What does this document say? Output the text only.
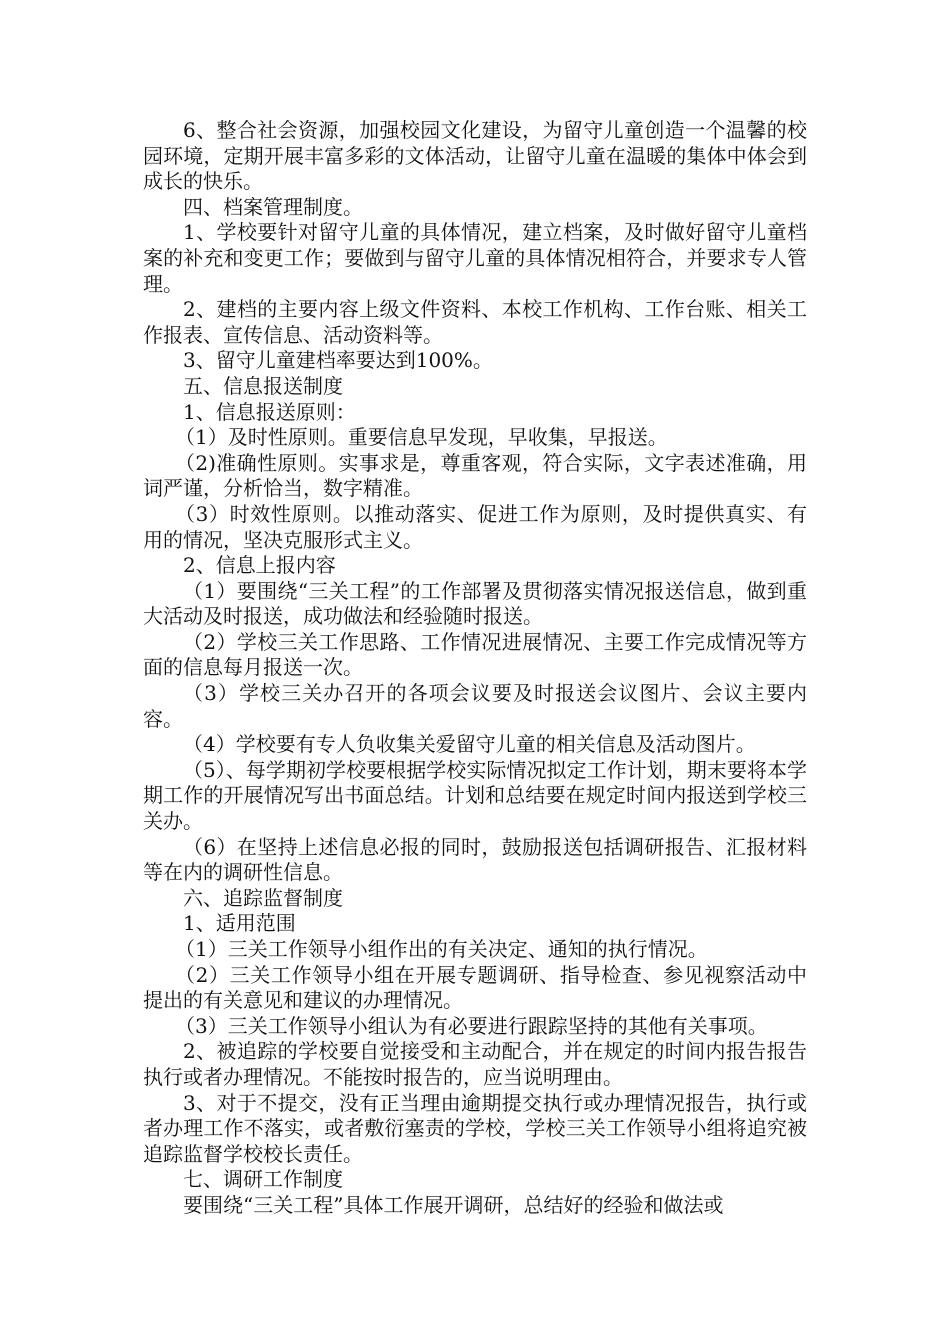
6、整合社会资源，加强校园文化建设，为留守儿童创造一个温馨的校园环境，定期开展丰富多彩的文体活动，让留守儿童在温暖的集体中体会到成长的快乐。

四、档案管理制度。

1、学校要针对留守儿童的具体情况，建立档案，及时做好留守儿童档案的补充和变更工作；要做到与留守儿童的具体情况相符合，并要求专人管理。

2、建档的主要内容上级文件资料、本校工作机构、工作台账、相关工作报表、宣传信息、活动资料等。

3、留守儿童建档率要达到100%。

五、信息报送制度

1、信息报送原则：

（1）及时性原则。重要信息早发现，早收集，早报送。

（2)准确性原则。实事求是，尊重客观，符合实际，文字表述准确，用词严谨，分析恰当，数字精准。

（3）时效性原则。以推动落实、促进工作为原则，及时提供真实、有用的情况，坚决克服形式主义。

2、信息上报内容

（1）要围绕“三关工程”的工作部署及贯彻落实情况报送信息，做到重大活动及时报送，成功做法和经验随时报送。

（2）学校三关工作思路、工作情况进展情况、主要工作完成情况等方面的信息每月报送一次。

（3）学校三关办召开的各项会议要及时报送会议图片、会议主要内容。

（4）学校要有专人负收集关爱留守儿童的相关信息及活动图片。

（5）、每学期初学校要根据学校实际情况拟定工作计划，期末要将本学期工作的开展情况写出书面总结。计划和总结要在规定时间内报送到学校三关办。

（6）在坚持上述信息必报的同时，鼓励报送包括调研报告、汇报材料等在内的调研性信息。

六、追踪监督制度

1、适用范围

（1）三关工作领导小组作出的有关决定、通知的执行情况。

（2）三关工作领导小组在开展专题调研、指导检查、参见视察活动中提出的有关意见和建议的办理情况。

（3）三关工作领导小组认为有必要进行跟踪坚持的其他有关事项。

2、被追踪的学校要自觉接受和主动配合，并在规定的时间内报告报告执行或者办理情况。不能按时报告的，应当说明理由。

3、对于不提交，没有正当理由逾期提交执行或办理情况报告，执行或者办理工作不落实，或者敷衍塞责的学校，学校三关工作领导小组将追究被追踪监督学校校长责任。

七、调研工作制度

要围绕“三关工程”具体工作展开调研，总结好的经验和做法或
